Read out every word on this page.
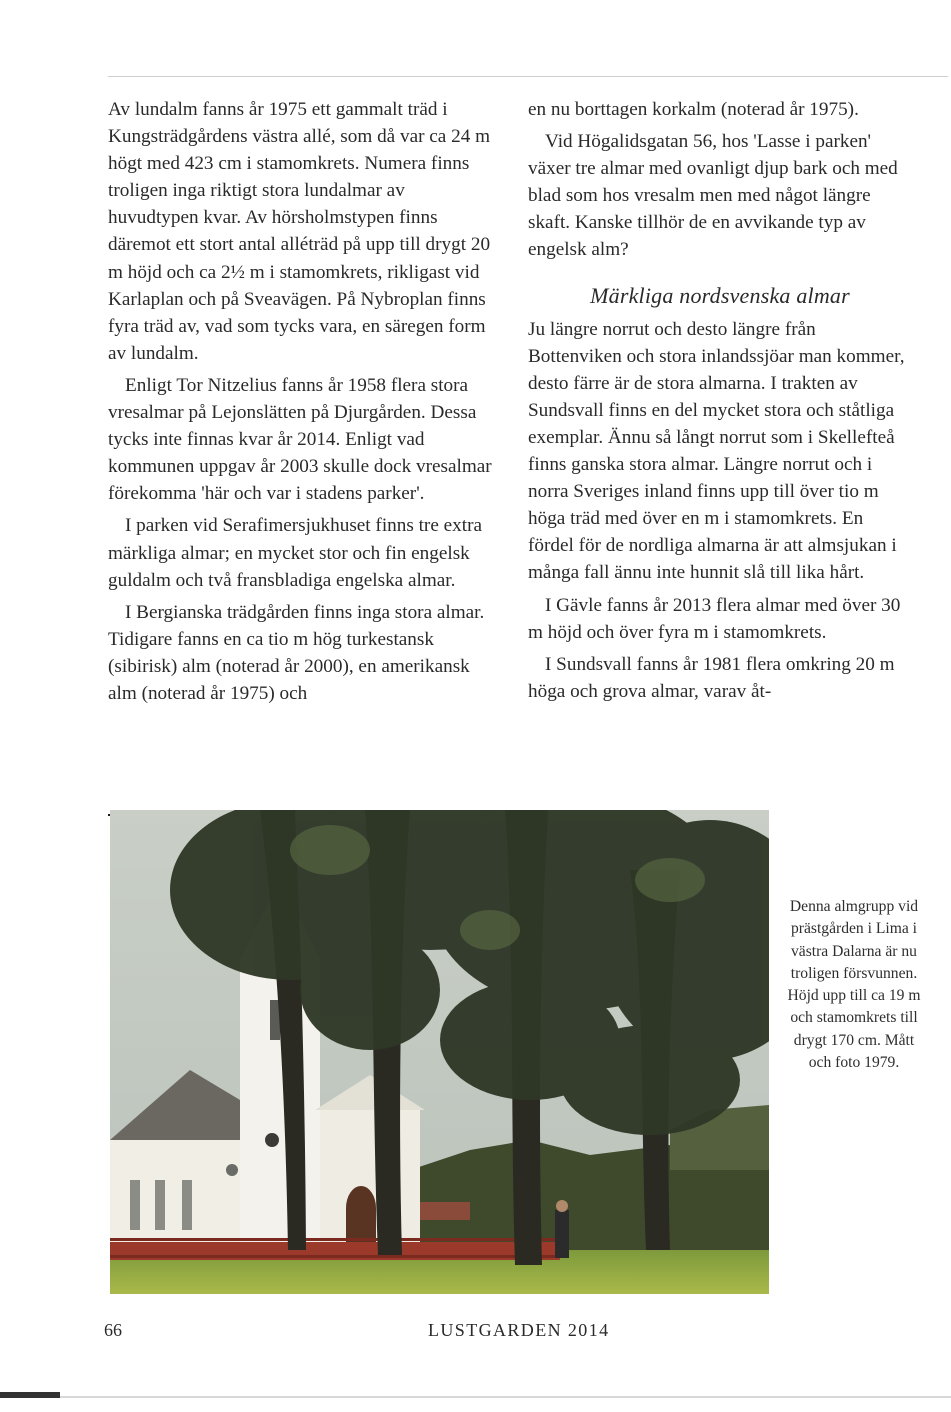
Av lundalm fanns år 1975 ett gammalt träd i Kungsträdgårdens västra allé, som då var ca 24 m högt med 423 cm i stamomkrets. Numera finns troligen inga riktigt stora lundalmar av huvudtypen kvar. Av hörsholmstypen finns däremot ett stort antal alléträd på upp till drygt 20 m höjd och ca 2½ m i stamomkrets, rikligast vid Karlaplan och på Sveavägen. På Nybroplan finns fyra träd av, vad som tycks vara, en säregen form av lundalm.

Enligt Tor Nitzelius fanns år 1958 flera stora vresalmar på Lejonslätten på Djurgården. Dessa tycks inte finnas kvar år 2014. Enligt vad kommunen uppgav år 2003 skulle dock vresalmar förekomma 'här och var i stadens parker'.

I parken vid Serafimersjukhuset finns tre extra märkliga almar; en mycket stor och fin engelsk guldalm och två fransbladiga engelska almar.

I Bergianska trädgården finns inga stora almar. Tidigare fanns en ca tio m hög turkestansk (sibirisk) alm (noterad år 2000), en amerikansk alm (noterad år 1975) och

en nu borttagen korkalm (noterad år 1975).

Vid Högalidsgatan 56, hos 'Lasse i parken' växer tre almar med ovanligt djup bark och med blad som hos vresalm men med något längre skaft. Kanske tillhör de en avvikande typ av engelsk alm?

Märkliga nordsvenska almar

Ju längre norrut och desto längre från Bottenviken och stora inlandssjöar man kommer, desto färre är de stora almarna. I trakten av Sundsvall finns en del mycket stora och ståtliga exemplar. Ännu så långt norrut som i Skellefteå finns ganska stora almar. Längre norrut och i norra Sveriges inland finns upp till över tio m höga träd med över en m i stamomkrets. En fördel för de nordliga almarna är att almsjukan i många fall ännu inte hunnit slå till lika hårt.

I Gävle fanns år 2013 flera almar med över 30 m höjd och över fyra m i stamomkrets.

I Sundsvall fanns år 1981 flera omkring 20 m höga och grova almar, varav åt-

Denna almgrupp vid prästgården i Lima i västra Dalarna är nu troligen försvunnen. Höjd upp till ca 19 m och stamomkrets till drygt 170 cm. Mått och foto 1979.
66	LUSTGARDEN 2014
